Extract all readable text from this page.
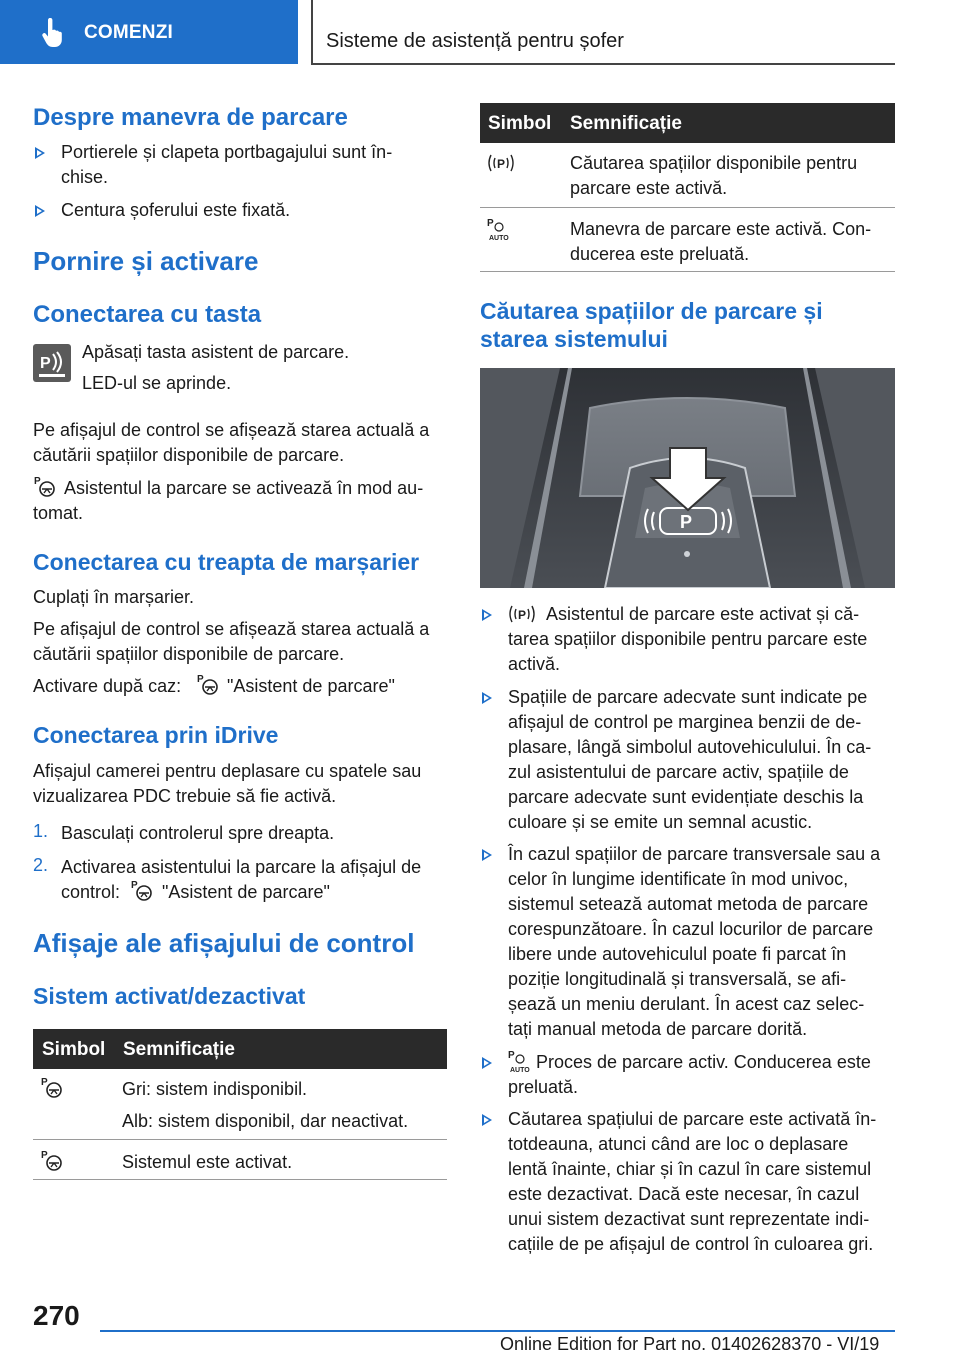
COMENZI	Sisteme de asistență pentru șofer
Despre manevra de parcare
Portierele și clapeta portbagajului sunt în-
chise.
Centura șoferului este fixată.
Pornire și activare
Conectarea cu tasta
P
Apăsați tasta asistent de parcare.
LED-ul se aprinde.
Pe afișajul de control se afișează starea actuală a
căutării spațiilor disponibile de parcare.
P Asistentul la parcare se activează în mod au-
tomat.
Conectarea cu treapta de marșarier
Cuplați în marșarier.
Pe afișajul de control se afișează starea actuală a
căutării spațiilor disponibile de parcare.
Activare după caz: P "Asistent de parcare"
Conectarea prin iDrive
Afișajul camerei pentru deplasare cu spatele sau
vizualizarea PDC trebuie să fie activă.
1. Basculați controlerul spre dreapta.
2. Activarea asistentului la parcare la afișajul de
control: P "Asistent de parcare"
Afișaje ale afișajului de control
Sistem activat/dezactivat
Simbol Semnificație
P	Gri: sistem indisponibil.
Alb: sistem disponibil, dar neactivat.
P	Sistemul este activat.
Simbol Semnificație
P	Căutarea spațiilor disponibile pentru
parcare este activă.
P
AUTO	Manevra de parcare este activă. Con-
ducerea este preluată.
Căutarea spațiilor de parcare și
starea sistemului
P
P Asistentul de parcare este activat și că-
tarea spațiilor disponibile pentru parcare este
activă.
Spațiile de parcare adecvate sunt indicate pe
afișajul de control pe marginea benzii de de-
plasare, lângă simbolul autovehiculului. În ca-
zul asistentului de parcare activ, spațiile de
parcare adecvate sunt evidențiate deschis la
culoare și se emite un semnal acustic.
În cazul spațiilor de parcare transversale sau a
celor în lungime identificate în mod univoc,
sistemul setează automat metoda de parcare
corespunzătoare. În cazul locurilor de parcare
libere unde autovehiculul poate fi parcat în
poziție longitudinală și transversală, se afi-
șează un meniu derulant. În acest caz selec-
tați manual metoda de parcare dorită.
P
AUTO Proces de parcare activ. Conducerea este
preluată.
Căutarea spațiului de parcare este activată în-
totdeauna, atunci când are loc o deplasare
lentă înainte, chiar și în cazul în care sistemul
este dezactivat. Dacă este necesar, în cazul
unui sistem dezactivat sunt reprezentate indi-
cațiile de pe afișajul de control în culoarea gri.
270
Online Edition for Part no. 01402628370 - VI/19
